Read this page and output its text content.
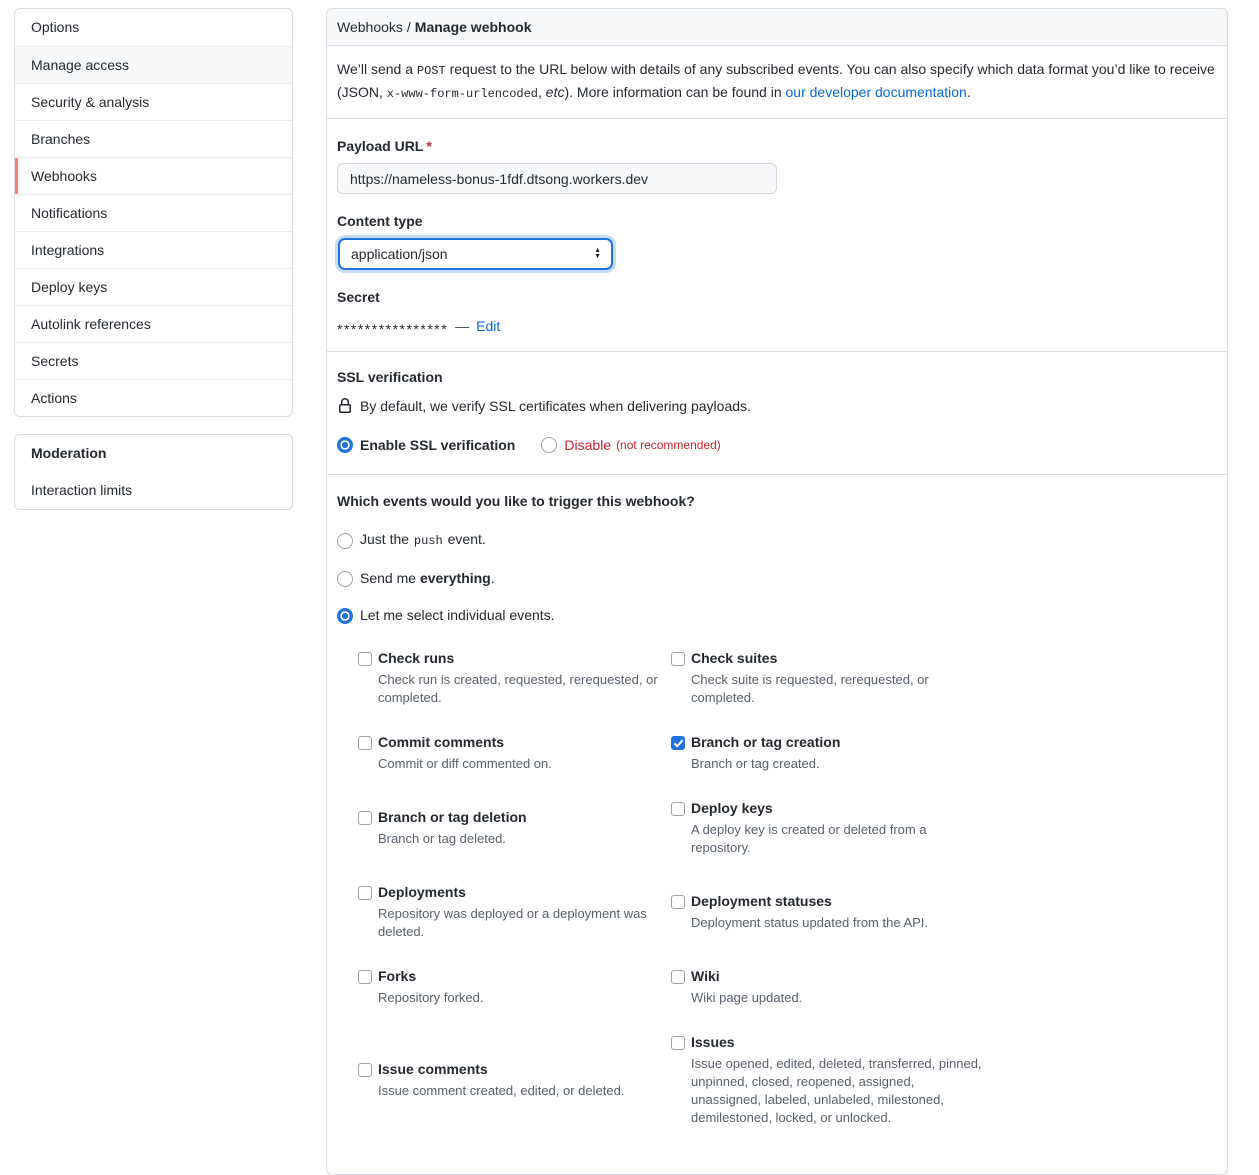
Options
Manage access
Security & analysis
Branches
Webhooks
Notifications
Integrations
Deploy keys
Autolink references
Secrets
Actions
Moderation
Interaction limits
Webhooks / Manage webhook

We’ll send a POST request to the URL below with details of any subscribed events. You can also specify which data format you’d like to receive (JSON, x-www-form-urlencoded, etc). More information can be found in our developer documentation.

Payload URL *
https://nameless-bonus-1fdf.dtsong.workers.dev
Content type
application/json	▲
▼
Secret
**************** — Edit

SSL verification

By default, we verify SSL certificates when delivering payloads.
Enable SSL verification	Disable (not recommended)

Which events would you like to trigger this webhook?

Just the push event.
Send me everything.
Let me select individual events.
Check runs
Check run is created, requested, rerequested, or completed.

Check suites
Check suite is requested, rerequested, or completed.

Commit comments
Commit or diff commented on.

Branch or tag creation
Branch or tag created.

Branch or tag deletion
Branch or tag deleted.

Deploy keys
A deploy key is created or deleted from a repository.

Deployments
Repository was deployed or a deployment was deleted.

Deployment statuses
Deployment status updated from the API.

Forks
Repository forked.

Wiki
Wiki page updated.

Issue comments
Issue comment created, edited, or deleted.

Issues
Issue opened, edited, deleted, transferred, pinned, unpinned, closed, reopened, assigned, unassigned, labeled, unlabeled, milestoned, demilestoned, locked, or unlocked.
